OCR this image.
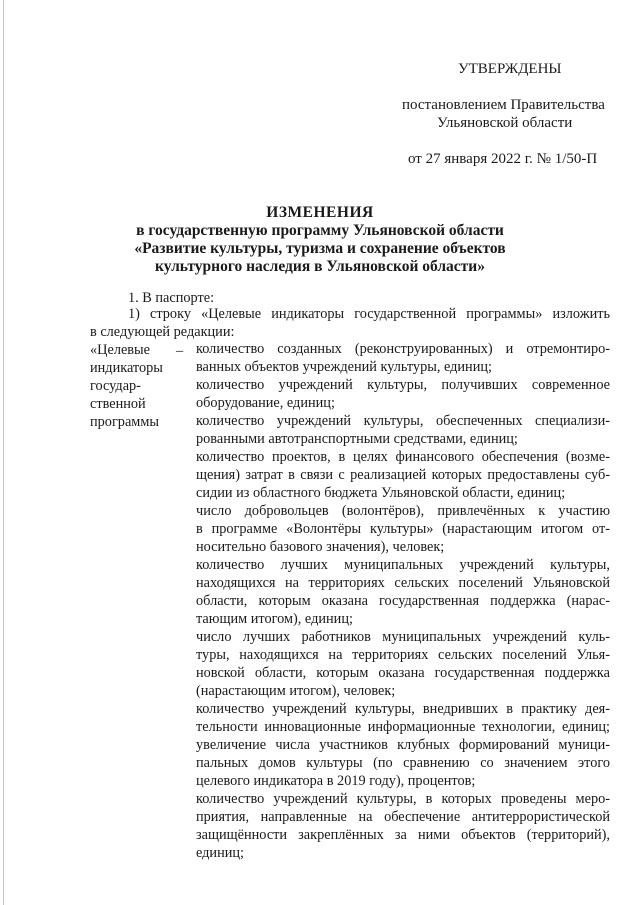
УТВЕРЖДЕНЫ
постановлением Правительства
Ульяновской области
от 27 января 2022 г. № 1/50-П
ИЗМЕНЕНИЯ
в государственную программу Ульяновской области
«Развитие культуры, туризма и сохранение объектов
культурного наследия в Ульяновской области»
1. В паспорте:
1) строку «Целевые индикаторы государственной программы» изложить
в следующей редакции:
«Целевые
индикаторы
государ-
ственной
программы
– количество созданных (реконструированных) и отремонтиро-
ванных объектов учреждений культуры, единиц;
количество учреждений культуры, получивших современное
оборудование, единиц;
количество учреждений культуры, обеспеченных специализи-
рованными автотранспортными средствами, единиц;
количество проектов, в целях финансового обеспечения (возме-
щения) затрат в связи с реализацией которых предоставлены суб-
сидии из областного бюджета Ульяновской области, единиц;
число добровольцев (волонтёров), привлечённых к участию
в программе «Волонтёры культуры» (нарастающим итогом от-
носительно базового значения), человек;
количество лучших муниципальных учреждений культуры,
находящихся на территориях сельских поселений Ульяновской
области, которым оказана государственная поддержка (нарас-
тающим итогом), единиц;
число лучших работников муниципальных учреждений куль-
туры, находящихся на территориях сельских поселений Улья-
новской области, которым оказана государственная поддержка
(нарастающим итогом), человек;
количество учреждений культуры, внедривших в практику дея-
тельности инновационные информационные технологии, единиц;
увеличение числа участников клубных формирований муници-
пальных домов культуры (по сравнению со значением этого
целевого индикатора в 2019 году), процентов;
количество учреждений культуры, в которых проведены меро-
приятия, направленные на обеспечение антитеррористической
защищённости закреплённых за ними объектов (территорий),
единиц;
